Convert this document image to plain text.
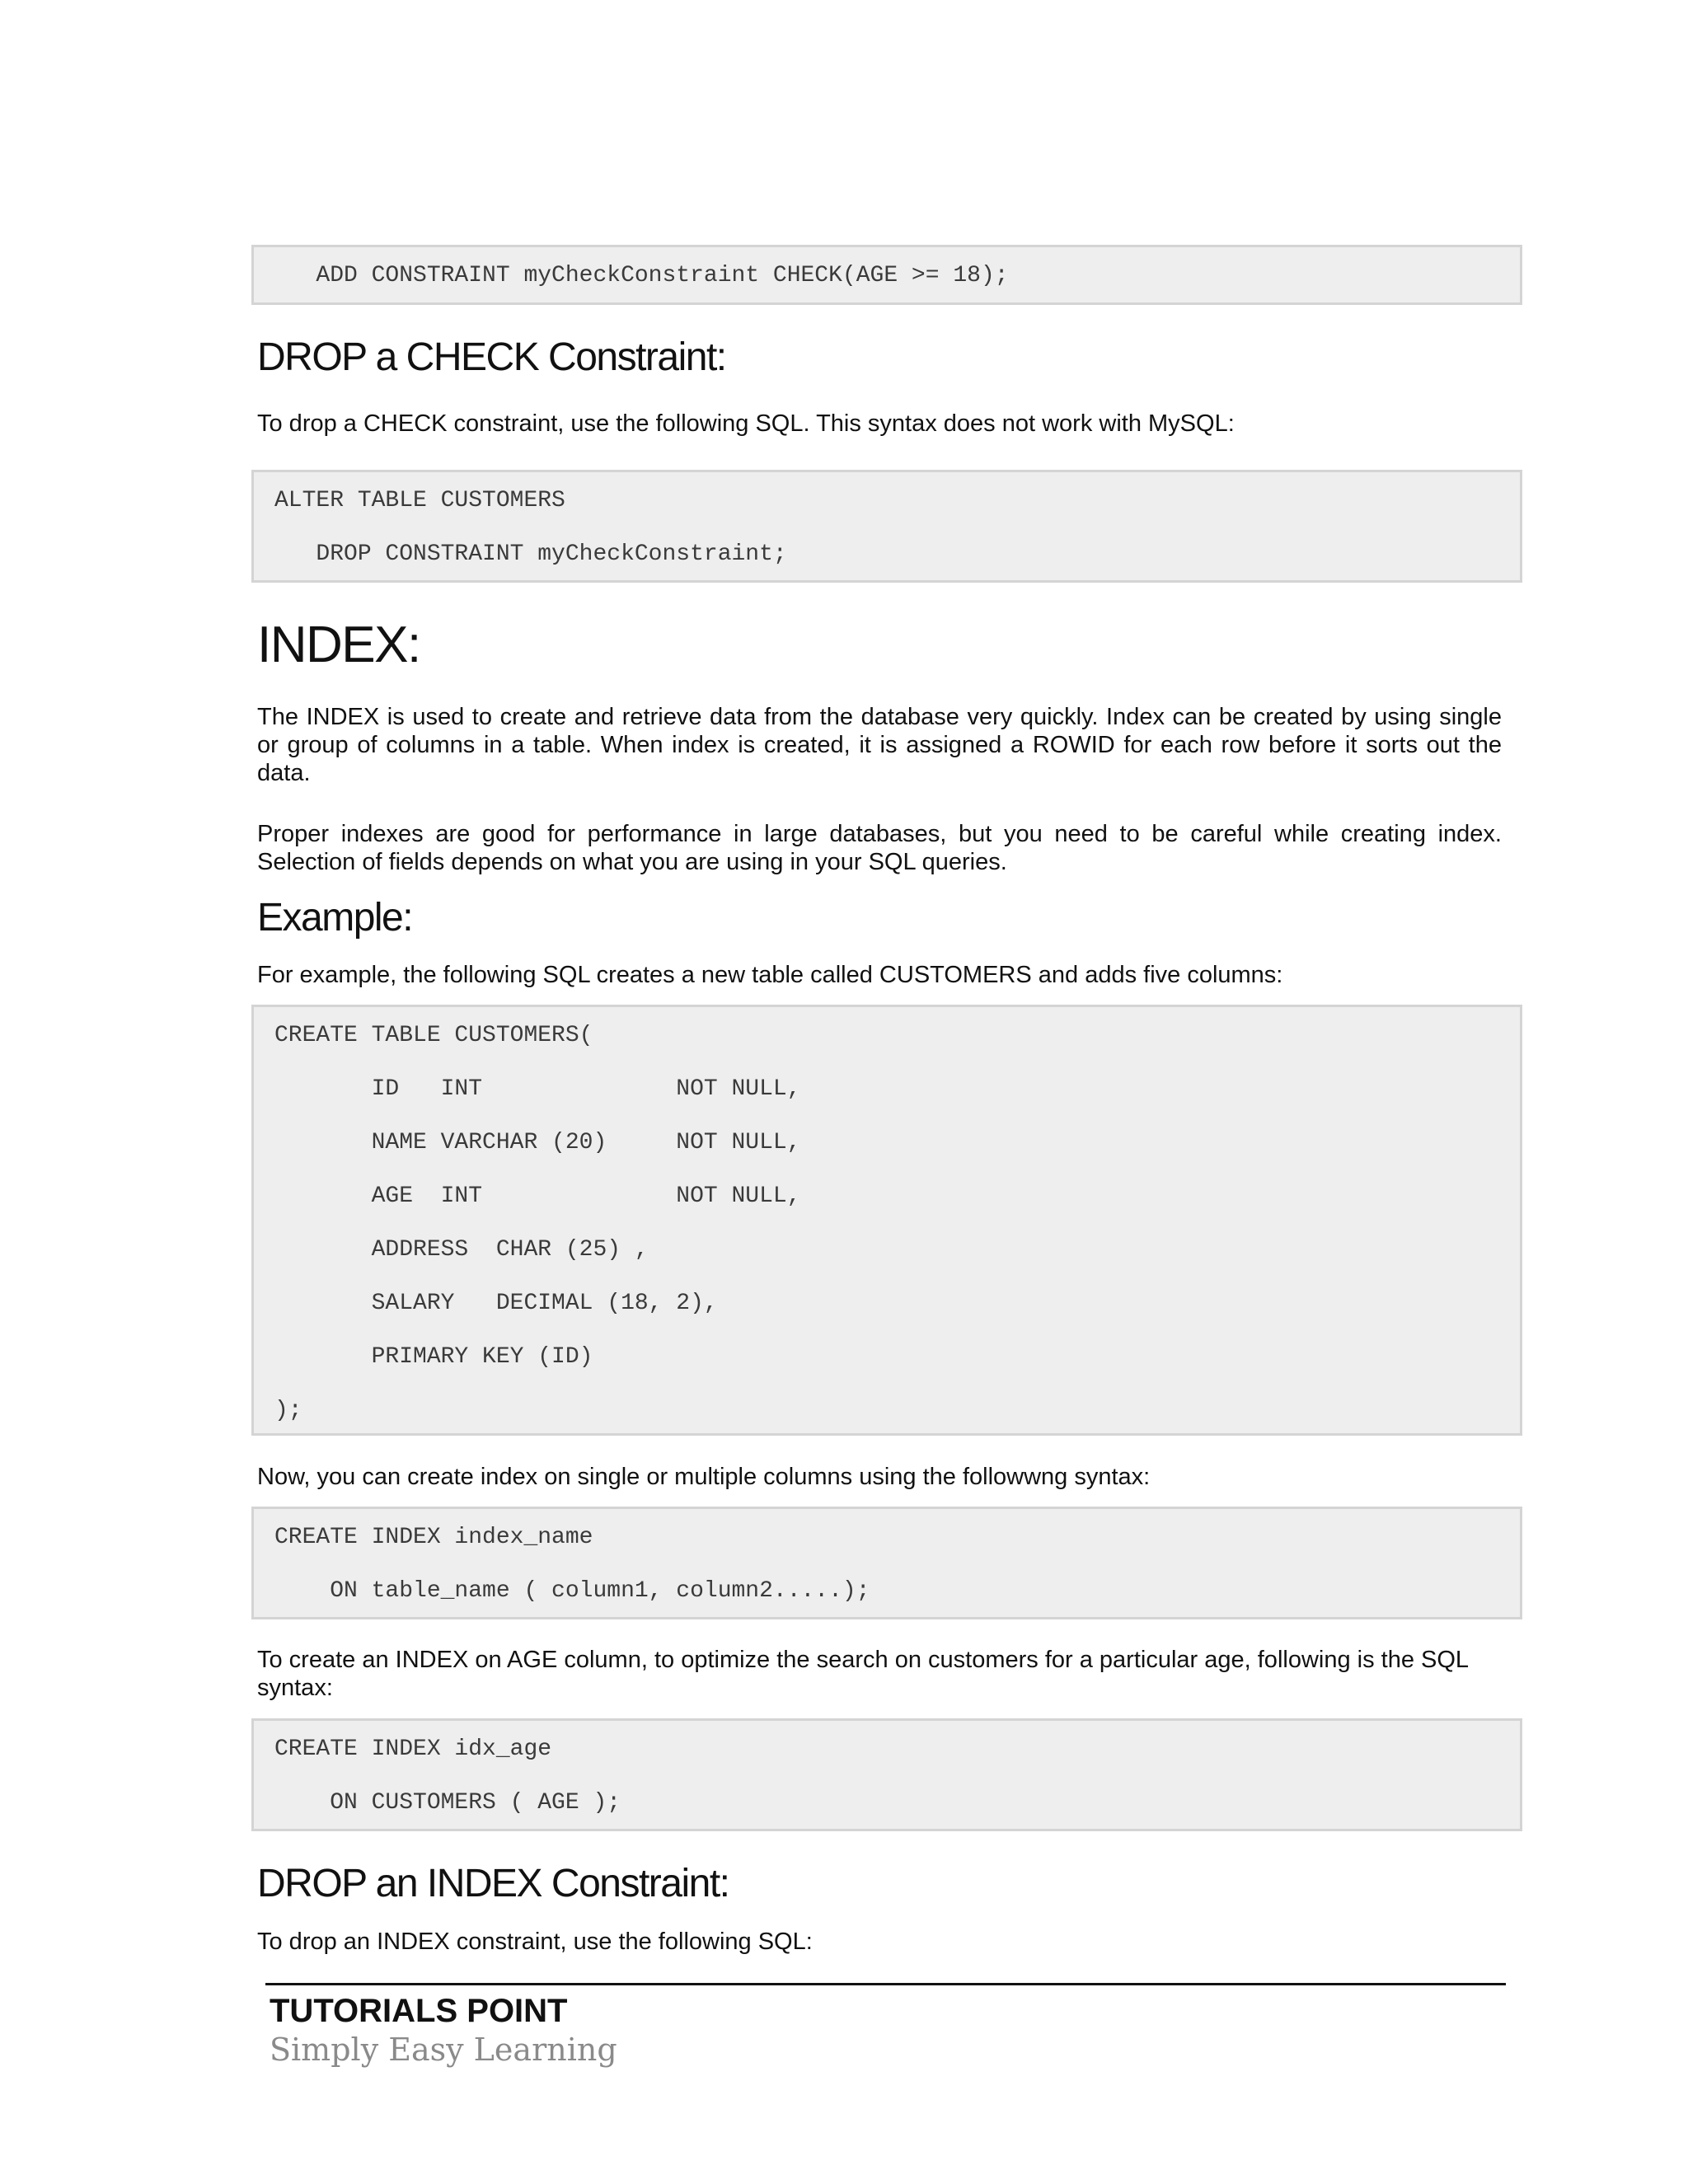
ADD CONSTRAINT myCheckConstraint CHECK(AGE >= 18);
DROP a CHECK Constraint:

To drop a CHECK constraint, use the following SQL. This syntax does not work with MySQL:

ALTER TABLE CUSTOMERS
DROP CONSTRAINT myCheckConstraint;
INDEX:

The INDEX is used to create and retrieve data from the database very quickly. Index can be created by using single or group of columns in a table. When index is created, it is assigned a ROWID for each row before it sorts out the data.

Proper indexes are good for performance in large databases, but you need to be careful while creating index. Selection of fields depends on what you are using in your SQL queries.

Example:

For example, the following SQL creates a new table called CUSTOMERS and adds five columns:

CREATE TABLE CUSTOMERS(
ID   INT              NOT NULL,
NAME VARCHAR (20)     NOT NULL,
AGE  INT              NOT NULL,
ADDRESS  CHAR (25) ,
SALARY   DECIMAL (18, 2),
PRIMARY KEY (ID)
);

Now, you can create index on single or multiple columns using the followwng syntax:

CREATE INDEX index_name
ON table_name ( column1, column2.....);

To create an INDEX on AGE column, to optimize the search on customers for a particular age, following is the SQL syntax:

CREATE INDEX idx_age
ON CUSTOMERS ( AGE );
DROP an INDEX Constraint:

To drop an INDEX constraint, use the following SQL:

TUTORIALS POINT
Simply Easy Learning
